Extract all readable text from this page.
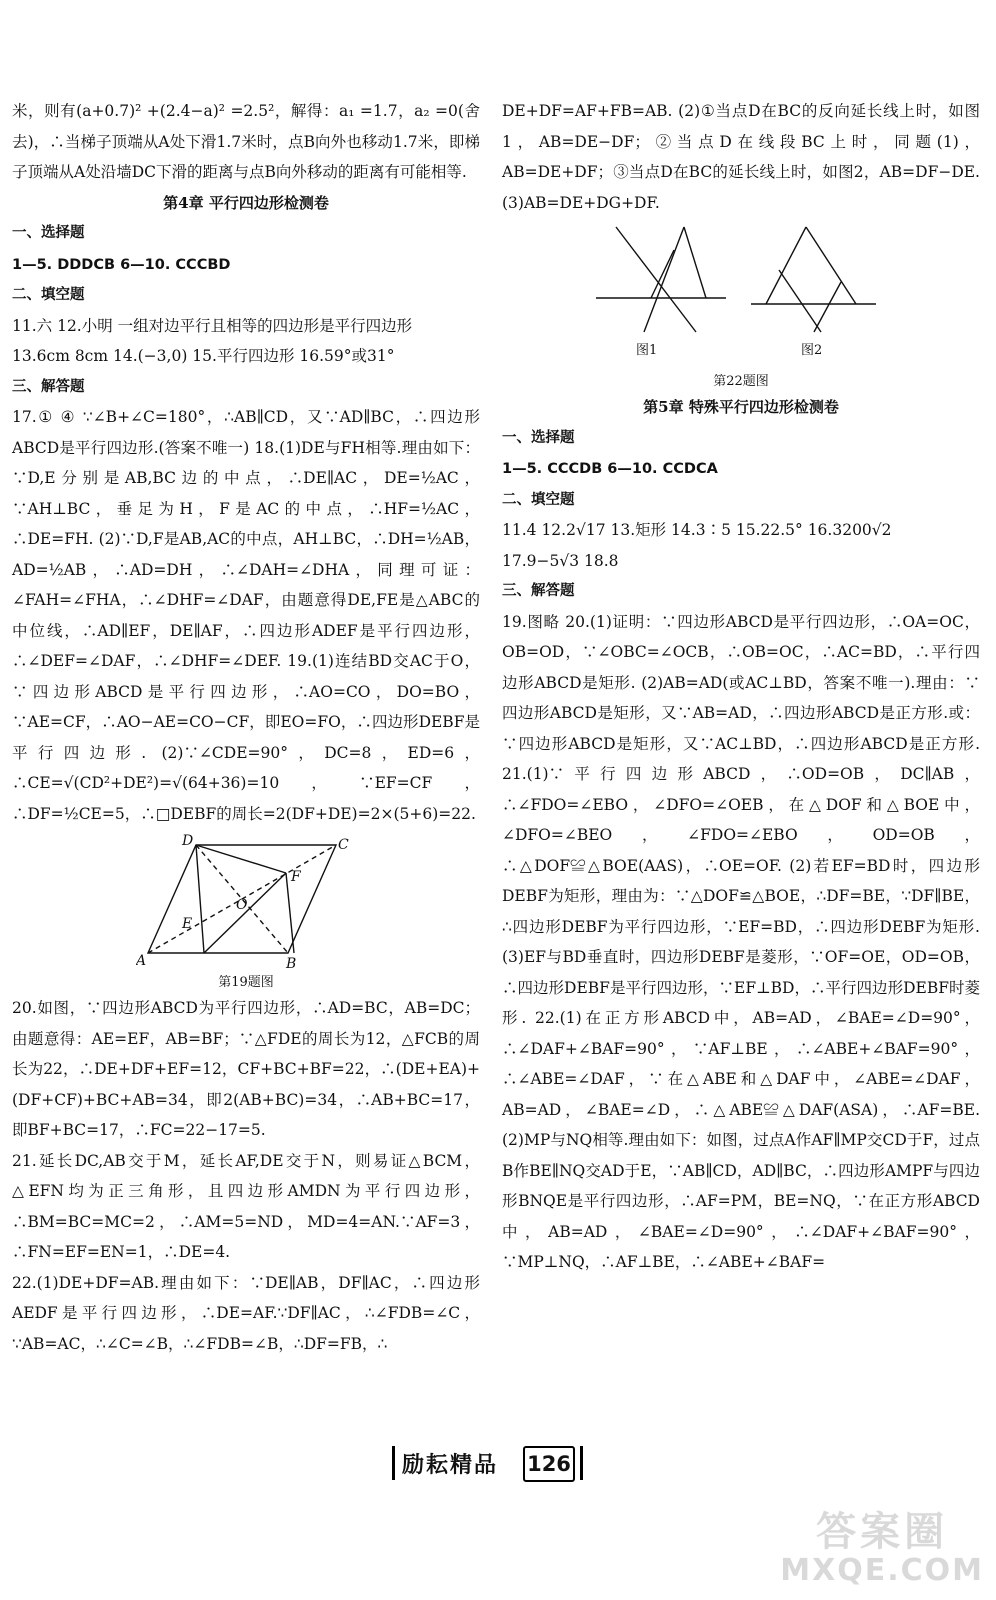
米，则有(a+0.7)² +(2.4−a)² =2.5²，解得：a₁ =1.7，a₂ =0(舍去)，∴当梯子顶端从A处下滑1.7米时，点B向外也移动1.7米，即梯子顶端从A处沿墙DC下滑的距离与点B向外移动的距离有可能相等.

第4章 平行四边形检测卷
一、选择题
1—5. DDDCB 6—10. CCCBD
二、填空题
11.六 12.小明 一组对边平行且相等的四边形是平行四边形
13.6cm 8cm 14.(−3,0) 15.平行四边形 16.59°或31°
三、解答题

17.① ④ ∵∠B+∠C=180°，∴AB∥CD，又∵AD∥BC，∴四边形ABCD是平行四边形.(答案不唯一) 18.(1)DE与FH相等.理由如下：∵D,E分别是AB,BC边的中点，∴DE∥AC，DE=½AC，∵AH⊥BC，垂足为H，F是AC的中点，∴HF=½AC，∴DE=FH. (2)∵D,F是AB,AC的中点，AH⊥BC，∴DH=½AB，AD=½AB，∴AD=DH，∴∠DAH=∠DHA，同理可证：∠FAH=∠FHA，∴∠DHF=∠DAF，由题意得DE,FE是△ABC的中位线，∴AD∥EF，DE∥AF，∴四边形ADEF是平行四边形，∴∠DEF=∠DAF，∴∠DHF=∠DEF. 19.(1)连结BD交AC于O，∵四边形ABCD是平行四边形，∴AO=CO，DO=BO，∵AE=CF，∴AO−AE=CO−CF，即EO=FO，∴四边形DEBF是平行四边形. (2)∵∠CDE=90°，DC=8，ED=6，∴CE=√(CD²+DE²)=√(64+36)=10，∵EF=CF，∴DF=½CE=5，∴□DEBF的周长=2(DF+DE)=2×(5+6)=22.

A	B
C
D
E
F
O
第19题图

20.如图，∵四边形ABCD为平行四边形，∴AD=BC，AB=DC；由题意得：AE=EF，AB=BF；∵△FDE的周长为12，△FCB的周长为22，∴DE+DF+EF=12，CF+BC+BF=22，∴(DE+EA)+(DF+CF)+BC+AB=34，即2(AB+BC)=34，∴AB+BC=17，即BF+BC=17，∴FC=22−17=5.

21.延长DC,AB交于M，延长AF,DE交于N，则易证△BCM，△EFN均为正三角形，且四边形AMDN为平行四边形，∴BM=BC=MC=2，∴AM=5=ND，MD=4=AN.∵AF=3，∴FN=EF=EN=1，∴DE=4.

22.(1)DE+DF=AB.理由如下：∵DE∥AB，DF∥AC，∴四边形AEDF是平行四边形，∴DE=AF.∵DF∥AC，∴∠FDB=∠C，∵AB=AC，∴∠C=∠B，∴∠FDB=∠B，∴DF=FB，∴

DE+DF=AF+FB=AB. (2)①当点D在BC的反向延长线上时，如图1，AB=DE−DF；②当点D在线段BC上时，同题(1)，AB=DE+DF；③当点D在BC的延长线上时，如图2，AB=DF−DE. (3)AB=DE+DG+DF.

图1	图2
第22题图
第5章 特殊平行四边形检测卷
一、选择题
1—5. CCCDB 6—10. CCDCA
二、填空题
11.4 12.2√17 13.矩形 14.3∶5 15.22.5° 16.3200√2
17.9−5√3 18.8
三、解答题

19.图略 20.(1)证明：∵四边形ABCD是平行四边形，∴OA=OC，OB=OD，∵∠OBC=∠OCB，∴OB=OC，∴AC=BD，∴平行四边形ABCD是矩形. (2)AB=AD(或AC⊥BD，答案不唯一).理由：∵四边形ABCD是矩形，又∵AB=AD，∴四边形ABCD是正方形.或：∵四边形ABCD是矩形，又∵AC⊥BD，∴四边形ABCD是正方形. 21.(1)∵平行四边形ABCD，∴OD=OB，DC∥AB，∴∠FDO=∠EBO，∠DFO=∠OEB，在△DOF和△BOE中，∠DFO=∠BEO，∠FDO=∠EBO，OD=OB，∴△DOF≌△BOE(AAS)，∴OE=OF. (2)若EF=BD时，四边形DEBF为矩形，理由为：∵△DOF≌△BOE，∴DF=BE，∵DF∥BE，∴四边形DEBF为平行四边形，∵EF=BD，∴四边形DEBF为矩形. (3)EF与BD垂直时，四边形DEBF是菱形，∵OF=OE，OD=OB，∴四边形DEBF是平行四边形，∵EF⊥BD，∴平行四边形DEBF时菱形. 22.(1)在正方形ABCD中，AB=AD，∠BAE=∠D=90°，∴∠DAF+∠BAF=90°，∵AF⊥BE，∴∠ABE+∠BAF=90°，∴∠ABE=∠DAF，∵在△ABE和△DAF中，∠ABE=∠DAF，AB=AD，∠BAE=∠D，∴△ABE≌△DAF(ASA)，∴AF=BE. (2)MP与NQ相等.理由如下：如图，过点A作AF∥MP交CD于F，过点B作BE∥NQ交AD于E，∵AB∥CD，AD∥BC，∴四边形AMPF与四边形BNQE是平行四边形，∴AF=PM，BE=NQ，∵在正方形ABCD中，AB=AD，∠BAE=∠D=90°，∴∠DAF+∠BAF=90°，∵MP⊥NQ，∴AF⊥BE，∴∠ABE+∠BAF=

励耘精品 126
答案圈
MXQE.COM
